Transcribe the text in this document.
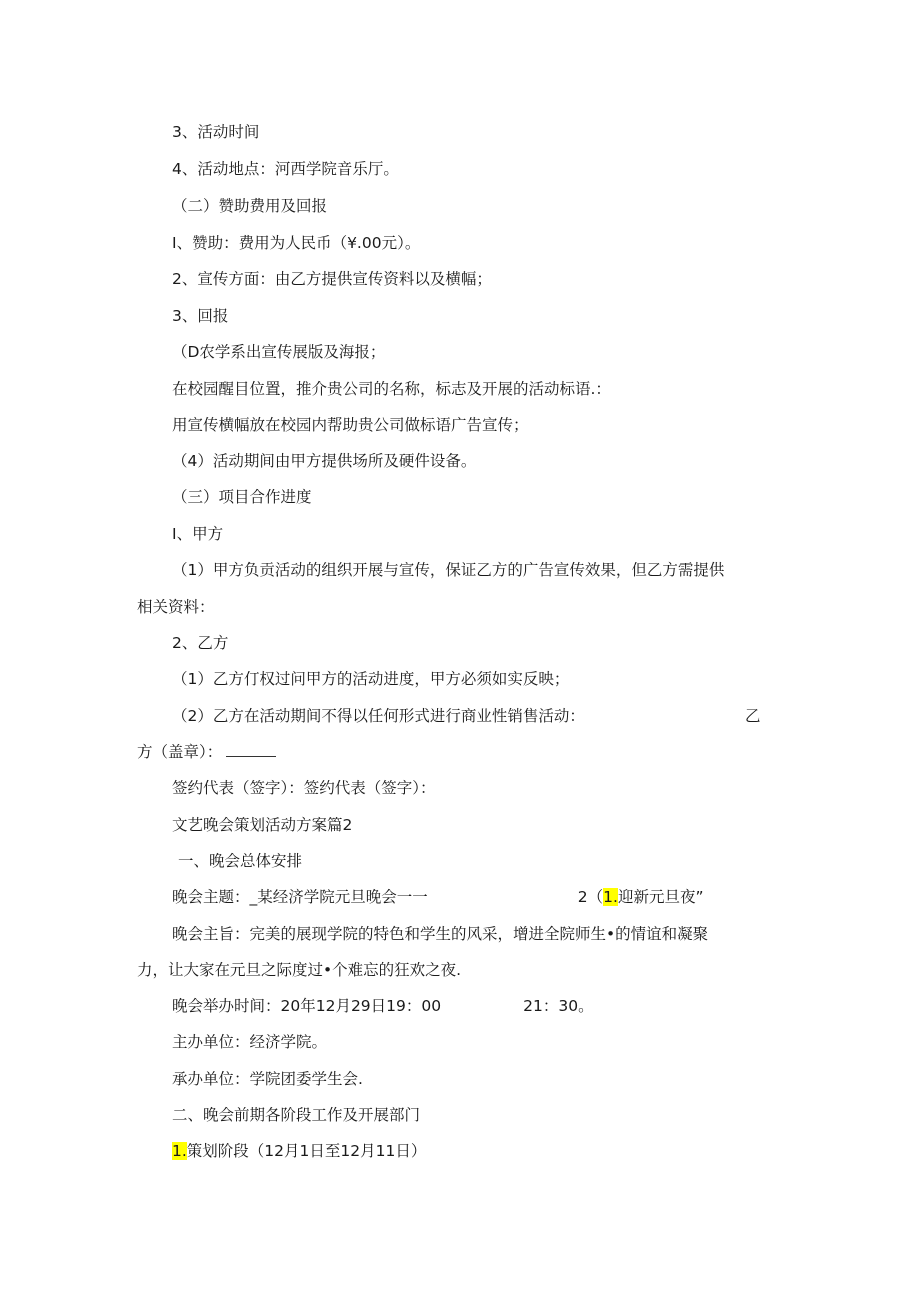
3、活动时间
4、活动地点：河西学院音乐厅。
（二）赞助费用及回报
I、赞助：费用为人民币（¥.00元）。
2、宣传方面：由乙方提供宣传资料以及横幅；
3、回报
（D农学系出宣传展版及海报；
在校园醒目位置，推介贵公司的名称，标志及开展的活动标语.：
用宣传横幅放在校园内帮助贵公司做标语广告宣传；
（4）活动期间由甲方提供场所及硬件设备。
（三）项目合作进度
I、甲方
（1）甲方负贡活动的组织开展与宣传，保证乙方的广告宣传效果，但乙方需提供
相关资料：
2、乙方
（1）乙方仃权过问甲方的活动进度，甲方必须如实反映；
（2）乙方在活动期间不得以任何形式进行商业性销售活动：	乙
方（盖章）：
签约代表（签字）：签约代表（签字）：
文艺晚会策划活动方案篇2
一、晚会总体安排
晚会主题：_某经济学院元旦晚会一一	2（1.迎新元旦夜”
晚会主旨：完美的展现学院的特色和学生的风采，增进全院师生•的情谊和凝聚
力，让大家在元旦之际度过•个难忘的狂欢之夜.
晚会举办时间：20年12月29日19：00	21：30。
主办单位：经济学院。
承办单位：学院团委学生会.
二、晚会前期各阶段工作及开展部门
1.策划阶段（12月1日至12月11日）
